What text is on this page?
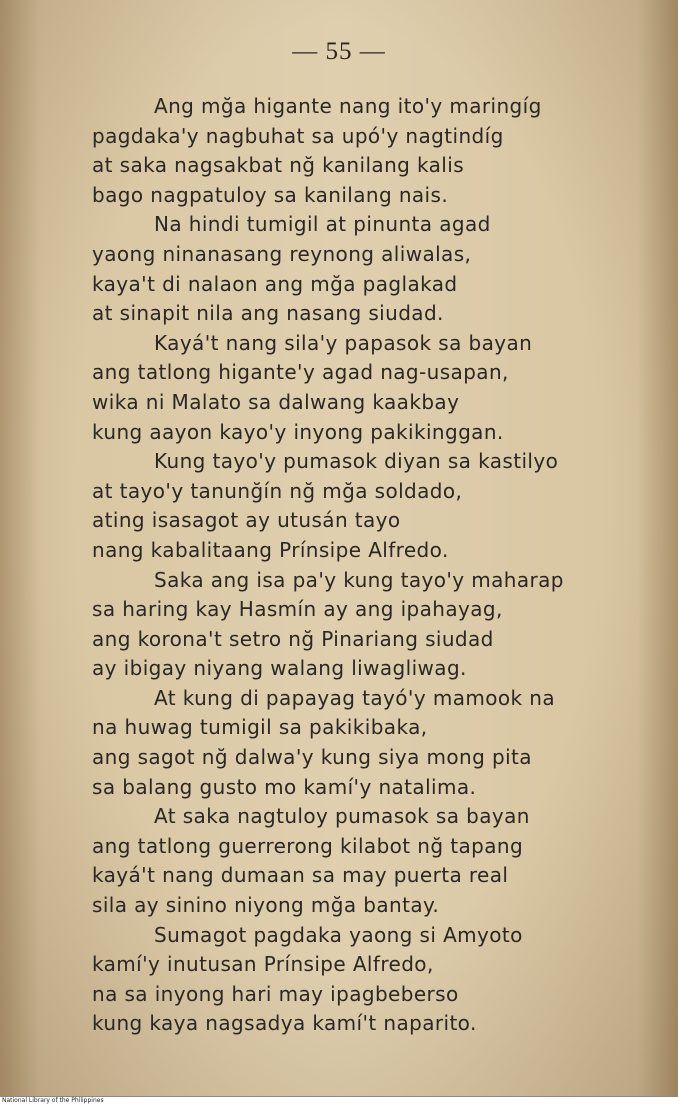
— 55 —
Ang mğa higante nang ito'y maringíg
pagdaka'y nagbuhat sa upó'y nagtindíg
at saka nagsakbat nğ kanilang kalis
bago nagpatuloy sa kanilang nais.
Na hindi tumigil at pinunta agad
yaong ninanasang reynong aliwalas,
kaya't di nalaon ang mğa paglakad
at sinapit nila ang nasang siudad.
Kayá't nang sila'y papasok sa bayan
ang tatlong higante'y agad nag-usapan,
wika ni Malato sa dalwang kaakbay
kung aayon kayo'y inyong pakikinggan.
Kung tayo'y pumasok diyan sa kastilyo
at tayo'y tanunğín nğ mğa soldado,
ating isasagot ay utusán tayo
nang kabalitaang Prínsipe Alfredo.
Saka ang isa pa'y kung tayo'y maharap
sa haring kay Hasmín ay ang ipahayag,
ang korona't setro nğ Pinariang siudad
ay ibigay niyang walang liwagliwag.
At kung di papayag tayó'y mamook na
na huwag tumigil sa pakikibaka,
ang sagot nğ dalwa'y kung siya mong pita
sa balang gusto mo kamí'y natalima.
At saka nagtuloy pumasok sa bayan
ang tatlong guerrerong kilabot nğ tapang
kayá't nang dumaan sa may puerta real
sila ay sinino niyong mğa bantay.
Sumagot pagdaka yaong si Amyoto
kamí'y inutusan Prínsipe Alfredo,
na sa inyong hari may ipagbeberso
kung kaya nagsadya kamí't naparito.
National Library of the Philippines
